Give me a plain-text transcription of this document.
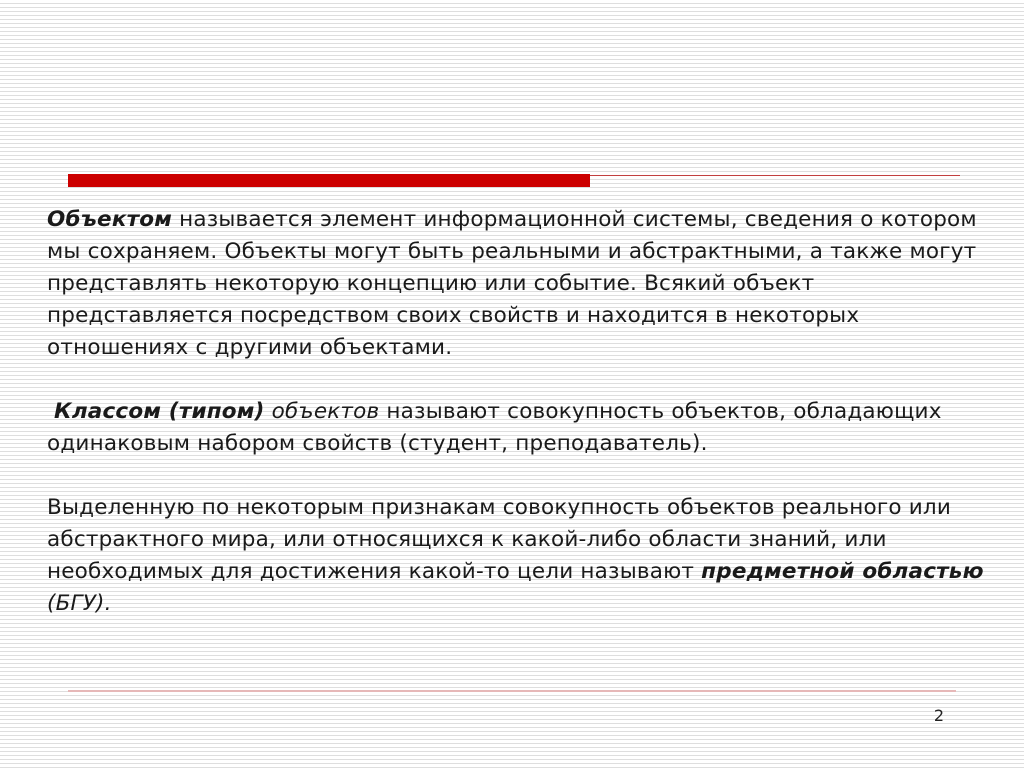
Объектом называется элемент информационной системы, сведения о котором мы сохраняем. Объекты могут быть реальными и абстрактными, а также могут представлять некоторую концепцию или событие. Всякий объект представляется посредством своих свойств и находится в некоторых отношениях с другими объектами.

Классом (типом) объектов называют совокупность объектов, обладающих одинаковым набором свойств (студент, преподаватель).

Выделенную по некоторым признакам совокупность объектов реального или абстрактного мира, или относящихся к какой-либо области знаний, или необходимых для достижения какой-то цели называют предметной областью (БГУ).

2
